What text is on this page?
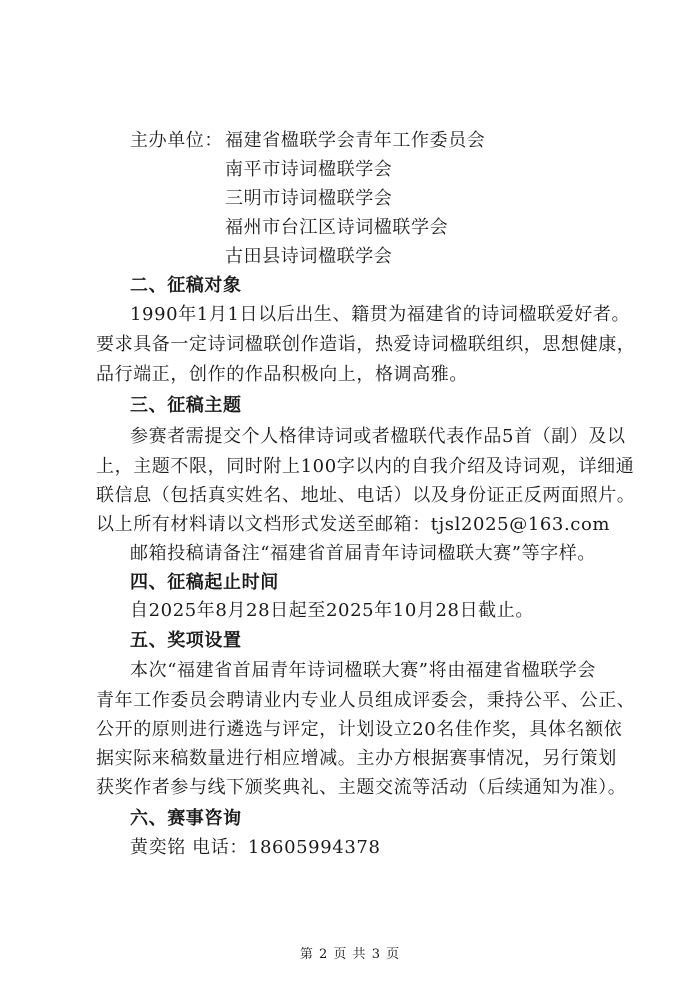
主办单位： 福建省楹联学会青年工作委员会
南平市诗词楹联学会
三明市诗词楹联学会
福州市台江区诗词楹联学会
古田县诗词楹联学会
二、征稿对象
1990年1月1日以后出生、籍贯为福建省的诗词楹联爱好者。
要求具备一定诗词楹联创作造诣，热爱诗词楹联组织，思想健康，
品行端正，创作的作品积极向上，格调高雅。
三、征稿主题
参赛者需提交个人格律诗词或者楹联代表作品5首（副）及以
上，主题不限，同时附上100字以内的自我介绍及诗词观，详细通
联信息（包括真实姓名、地址、电话）以及身份证正反两面照片。
以上所有材料请以文档形式发送至邮箱：tjsl2025@163.com
邮箱投稿请备注“福建省首届青年诗词楹联大赛”等字样。
四、征稿起止时间
自2025年8月28日起至2025年10月28日截止。
五、奖项设置
本次“福建省首届青年诗词楹联大赛”将由福建省楹联学会
青年工作委员会聘请业内专业人员组成评委会，秉持公平、公正、
公开的原则进行遴选与评定，计划设立20名佳作奖，具体名额依
据实际来稿数量进行相应增减。主办方根据赛事情况，另行策划
获奖作者参与线下颁奖典礼、主题交流等活动（后续通知为准）。
六、赛事咨询
黄奕铭 电话：18605994378
第 2 页 共 3 页
